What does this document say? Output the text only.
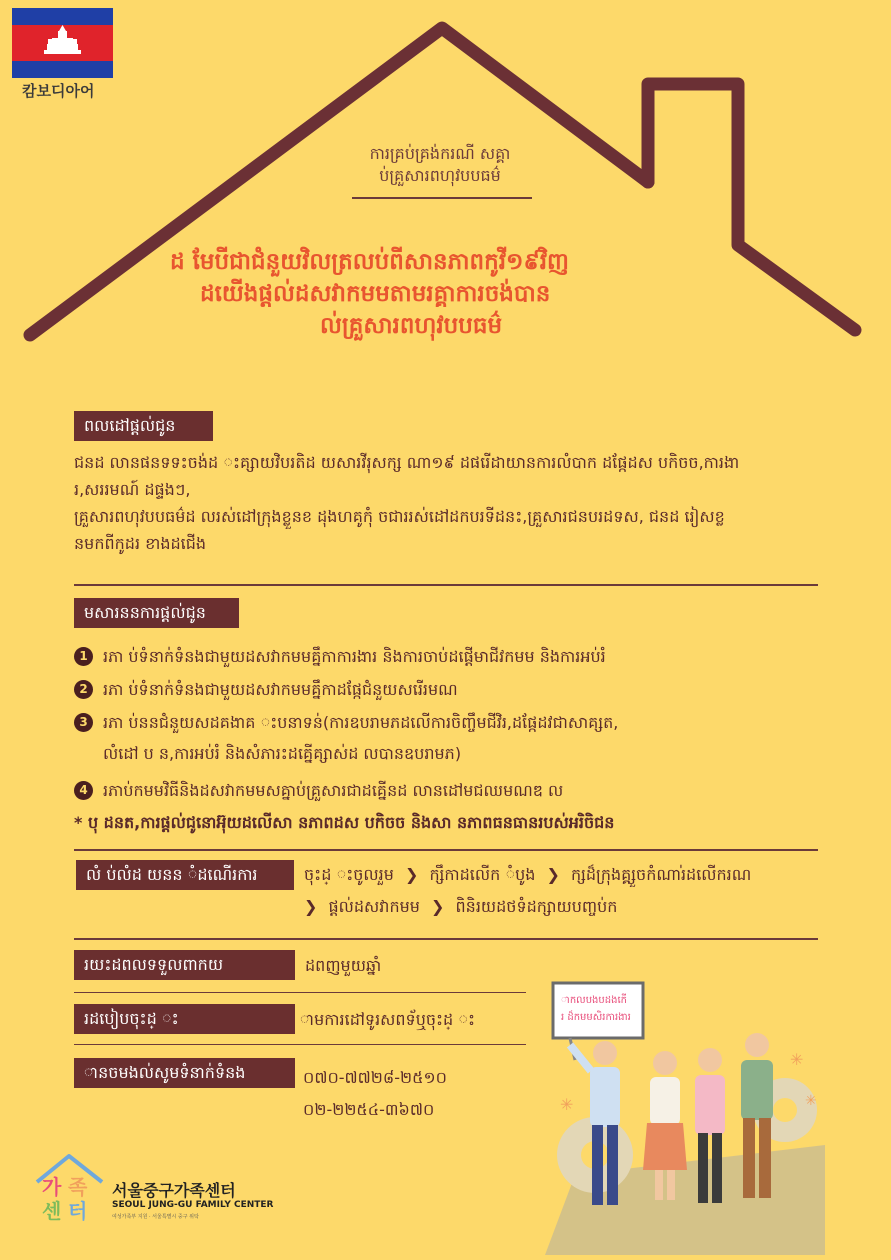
캄보디아어
ការគ្រប់គ្រង់ករណី សគ្គា
ប់គ្រួសារពហុវបបធម៌
ដ មែបីជាជំនួយវិលត្រលប់ពីសានភាពកូវី១៩វិញ
ដយើងផ្តល់ដសវាកមមតាមរគ្គាការចង់បាន
ល់គ្រួសារពហុវបបធម៌
ពលដៅផ្តល់ជូន
ជនដ លានផនទទះចង់ដ ះគ្សាយវិបរតិដ យសារវីរុសក្ស ណា១៩ ដផរើដាយានការលំបាក ដផ្កែដស បកិចច,ការងា
រ,សររមណ៍ ដផ្ទងៗ,
គ្រួសារពហុវបបធម៌ដ លរស់ដៅក្រុងខ្លួនខ ដុងហគូកុំ ចជាររស់ដៅដកបរទីដនះ,គ្រួសារជនបរដទស, ជនដ រៀសខ្ល
នមកពីកូដរ ខាងដជើង
មសារននការផ្តល់ជូន
1 រភា ប់ទំនាក់ទំនងជាមួយដសវាកមមគ្នឹកាការងារ និងការចាប់ដផ្តើមាជីវកមម និងការអប់រំ
2 រភា ប់ទំនាក់ទំនងជាមួយដសវាកមមគ្នឹកាដផ្កែជំនួយសរើរមណ
3 រភា ប់ននជំនួយសដគងាគ ះបនាទន់(ការឧបរាមភដលើការចិញ្ចឹមជីវិរ,ដផ្កែដវជាសាគ្សត,
លំដៅ ប ន,ការអប់រំ និងសំភារះដគ្នើគ្សាស់ដ លបានឧបរាមភ)
4 រភាប់កមមវិធីនិងដសវាកមមសគ្នាប់គ្រួសារជាដគ្នើនដ លានដៅមជឈមណឌ ល
* បុ ដនត,ការផ្តល់ជូនោអ៊ុយដលើសា នភាពដស បកិចច និងសា នភាពធនធានរបស់អរិចិជន
លំ ប់លំដ យនន ំដណើរការ	ចុះដ្ ះចូលរួម ❯ ក្សឹកាដលើក ំបូង ❯ ក្សដ៏ក្រុងគ្គ្សួចកំណារ់ដលើករណ
❯ ផ្តល់ដសវាកមម ❯ ពិនិរយដថទំដក្សាយបញ្ចប់ក
រយះដពលទទួលពាកយ	ដពញមួយឆ្នាំ
រដបៀបចុះដ្ ះ	ាមការដៅទូរសពទ័ឬចុះដ្ ះ
ានចមងល់សូមទំនាក់ទំនង	០៧០-៧៧២៨-២៥១០
០២-២២៥៤-៣៦៧០
ាកលបងបដងកើ
រ ដ៏កមមសិរការងារ
✳
✳	✳
가 족
센 터
서울중구가족센터
SEOUL JUNG-GU FAMILY CENTER
여성가족부 지원 · 서울특별시 중구 위탁
